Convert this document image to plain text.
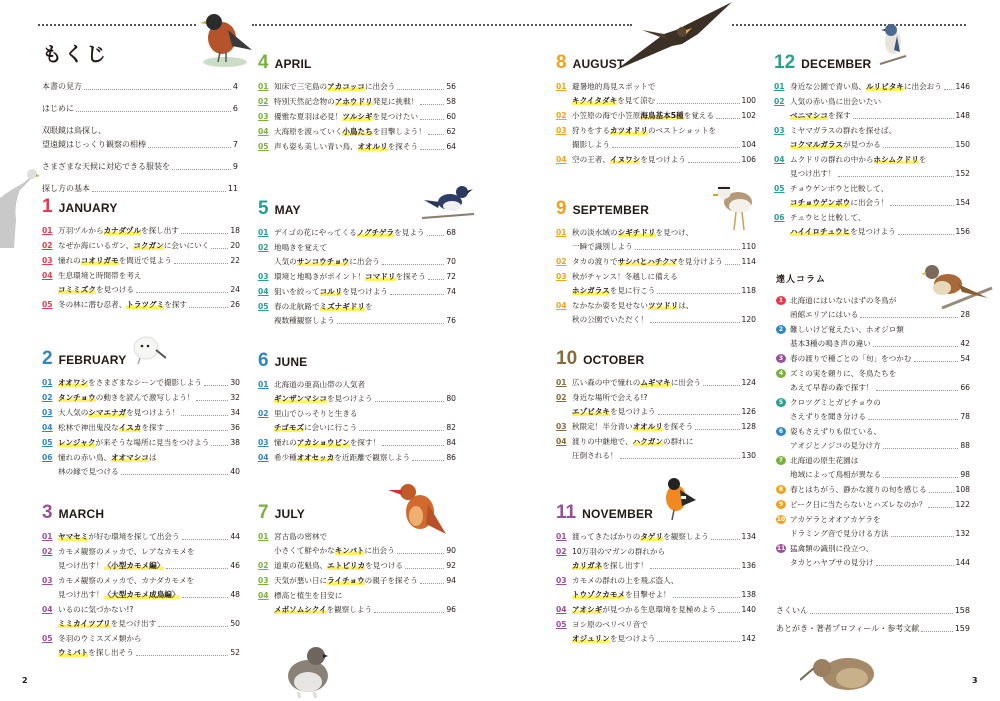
もくじ
本書の見方	4
はじめに	6
双眼鏡は鳥探し、
望遠鏡はじっくり観察の相棒	7
さまざまな天候に対応できる服装を	9
探し方の基本	11
1 JANUARY
01 万羽ヅルからカナダヅルを探し出す	18
02 なぜか海にいるガン、コクガンに会いにいく	20
03 憧れのコオリガモを間近で見よう	22
04 生息環境と時間帯を考え
コミミズクを見つける	24
05 冬の林に潜む忍者、トラツグミを探す	26
2 FEBRUARY
01 オオワシをさまざまなシーンで撮影しよう	30
02 タンチョウの動きを読んで激写しよう！	32
03 大人気のシマエナガを見つけよう！	34
04 松林で神出鬼没なイスカを探す	36
05 レンジャクが来そうな場所に見当をつけよう	38
06 憧れの赤い鳥、オオマシコは
林の縁で見つける	40
3 MARCH
01 ヤマセミが好む環境を探して出会う	44
02 カモメ観察のメッカで、レアなカモメを
見つけ出す！〈小型カモメ編〉	46
03 カモメ観察のメッカで、カナダカモメを
見つけ出す！〈大型カモメ成鳥編〉	48
04 いるのに気づかない!?
ミミカイツブリを見つけ出す	50
05 冬羽のウミスズメ類から
ウミバトを探し出そう	52
4 APRIL
01 知床で三宅島のアカコッコに出会う	56
02 特別天然記念物のアホウドリ発見に挑戦！	58
03 優雅な夏羽は必見！ツルシギを見つけたい	60
04 大海原を渡っていく小鳥たちを目撃しよう！	62
05 声も姿も美しい青い鳥、オオルリを探そう	64
5 MAY
01 デイゴの花にやってくるノグチゲラを見よう	68
02 地鳴きを覚えて
人気のサンコウチョウに出会う	70
03 環境と地鳴きがポイント！コマドリを探そう	72
04 狙いを絞ってコルリを見つけよう	74
05 春の北航路でミズナギドリを
複数種観察しよう	76
6 JUNE
01 北海道の亜高山帯の人気者
ギンザンマシコを見つけよう	80
02 里山でひっそりと生きる
チゴモズに会いに行こう	82
03 憧れのアカショウビンを探す！	84
04 希少種オオセッカを近距離で観察しよう	86
7 JULY
01 宮古島の密林で
小さくて鮮やかなキンバトに出会う	90
02 道東の花魁鳥、エトピリカを見つける	92
03 天気が悪い日にライチョウの親子を探そう	94
04 標高と植生を目安に
メボソムシクイを観察しよう	96
8 AUGUST
01 避暑地的鳥見スポットで
キクイタダキを見て涼む	100
02 小笠原の海で小笠原海鳥基本5種を覚える	102
03 狩りをするカツオドリのベストショットを
撮影しよう	104
04 空の王者、イヌワシを見つけよう	106
9 SEPTEMBER
01 秋の淡水域のシギチドリを見つけ、
一瞬で識別しよう	110
02 タカの渡りでサシバとハチクマを見分けよう 114
03 秋がチャンス！冬越しに備える
ホシガラスを見に行こう	118
04 なかなか姿を見せないツツドリは、
秋の公園でいただく！	120
10 OCTOBER
01 広い森の中で憧れのムギマキに出会う	124
02 身近な場所で会える!?
エゾビタキを見つけよう	126
03 秋限定！半分青いオオルリを探そう	128
04 渡りの中継地で、ハクガンの群れに
圧倒される！	130
11 NOVEMBER
01 渡ってきたばかりのタゲリを観察しよう	134
02 10万羽のマガンの群れから
カリガネを探し出す！	136
03 カモメの群れの上を飛ぶ盗人、
トウゾクカモメを目撃せよ！	138
04 アオシギが見つかる生息環境を見極めよう	140
05 ヨシ原のベリベリ音で
オジュリンを見つけよう	142
12 DECEMBER
01 身近な公園で青い鳥、ルリビタキに出会おう 146
02 人気の赤い鳥に出会いたい
ベニマシコを探す	148
03 ミヤマガラスの群れを探せば、
コクマルガラスが見つかる	150
04 ムクドリの群れの中からホシムクドリを
見つけ出す！	152
05 チョウゲンボウと比較して、
コチョウゲンボウに出会う！	154
06 チュウヒと比較して、
ハイイロチュウヒを見つけよう	156
達人コラム
1 北海道にはいないはずの冬鳥が
函館エリアにはいる	28
2 難しいけど覚えたい、ホオジロ類
基本3種の鳴き声の違い	42
3 春の渡りで種ごとの「旬」をつかむ	54
4 ズミの実を頼りに、冬鳥たちを
あえて早春の森で探す！	66
5 クロツグミとガビチョウの
さえずりを聞き分ける	78
6 姿もさえずりも似ている、
アオジとノジコの見分け方	88
7 北海道の原生花園は
地域によって鳥相が異なる	98
8 春とはちがう、静かな渡りの旬を感じる	108
9 ピーク日に当たらないとハズレなのか？	122
10 アカゲラとオオアカゲラを
ドラミング音で見分ける方法	132
11 猛禽類の識別に役立つ、
タカとハヤブサの見分け	144
さくいん	158
あとがき・著者プロフィール・参考文献	159
2	3
